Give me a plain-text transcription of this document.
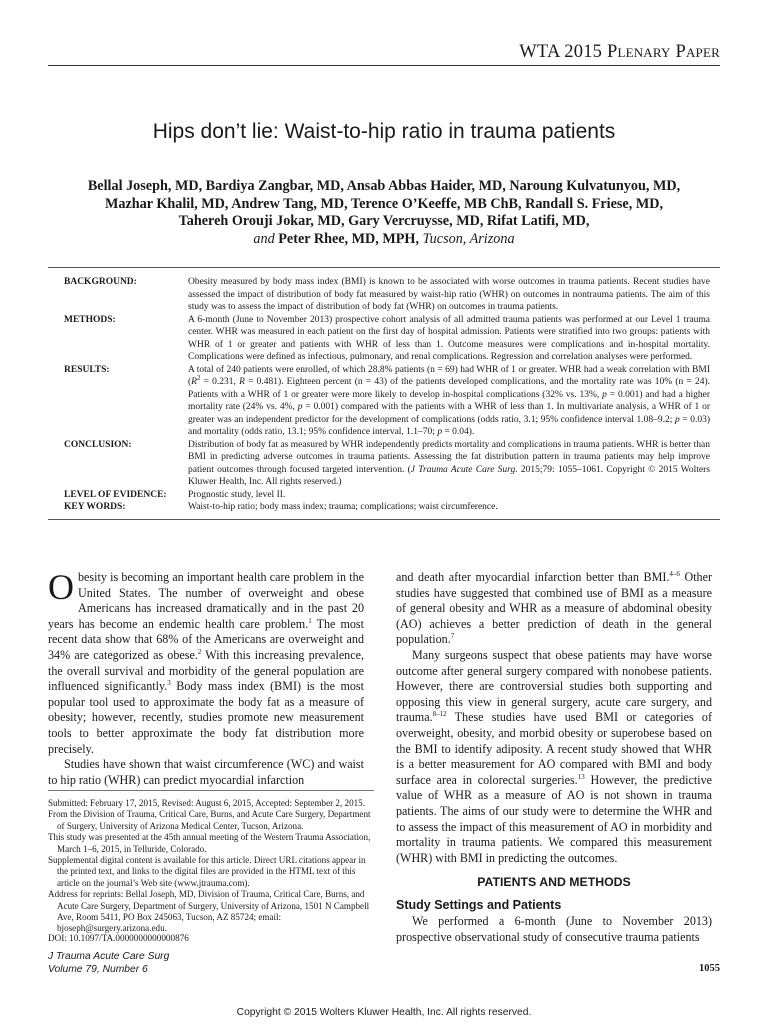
WTA 2015 Plenary Paper
Hips don’t lie: Waist-to-hip ratio in trauma patients
Bellal Joseph, MD, Bardiya Zangbar, MD, Ansab Abbas Haider, MD, Naroung Kulvatunyou, MD,
Mazhar Khalil, MD, Andrew Tang, MD, Terence O’Keeffe, MB ChB, Randall S. Friese, MD,
Tahereh Orouji Jokar, MD, Gary Vercruysse, MD, Rifat Latifi, MD,
and Peter Rhee, MD, MPH, Tucson, Arizona
BACKGROUND:	Obesity measured by body mass index (BMI) is known to be associated with worse outcomes in trauma patients. Recent studies have assessed the impact of distribution of body fat measured by waist-hip ratio (WHR) on outcomes in nontrauma patients. The aim of this study was to assess the impact of distribution of body fat (WHR) on outcomes in trauma patients.
METHODS:	A 6-month (June to November 2013) prospective cohort analysis of all admitted trauma patients was performed at our Level 1 trauma center. WHR was measured in each patient on the first day of hospital admission. Patients were stratified into two groups: patients with WHR of 1 or greater and patients with WHR of less than 1. Outcome measures were complications and in-hospital mortality. Complications were defined as infectious, pulmonary, and renal complications. Regression and correlation analyses were performed.
RESULTS:	A total of 240 patients were enrolled, of which 28.8% patients (n = 69) had WHR of 1 or greater. WHR had a weak correlation with BMI ($R^2 = 0.231$, R = 0.481). Eighteen percent (n = 43) of the patients developed complications, and the mortality rate was 10% (n = 24). Patients with a WHR of 1 or greater were more likely to develop in-hospital complications (32% vs. 13%, p = 0.001) and had a higher mortality rate (24% vs. 4%, p = 0.001) compared with the patients with a WHR of less than 1. In multivariate analysis, a WHR of 1 or greater was an independent predictor for the development of complications (odds ratio, 3.1; 95% confidence interval 1.08–9.2; p = 0.03) and mortality (odds ratio, 13.1; 95% confidence interval, 1.1–70; p = 0.04).
CONCLUSION:	Distribution of body fat as measured by WHR independently predicts mortality and complications in trauma patients. WHR is better than BMI in predicting adverse outcomes in trauma patients. Assessing the fat distribution pattern in trauma patients may help improve patient outcomes through focused targeted intervention. (J Trauma Acute Care Surg. 2015;79: 1055–1061. Copyright © 2015 Wolters Kluwer Health, Inc. All rights reserved.)
LEVEL OF EVIDENCE:	Prognostic study, level II.
KEY WORDS:	Waist-to-hip ratio; body mass index; trauma; complications; waist circumference.

Obesity is becoming an important health care problem in the United States. The number of overweight and obese Americans has increased dramatically and in the past 20 years has become an endemic health care problem.$^1$ The most recent data show that 68% of the Americans are overweight and 34% are categorized as obese.$^2$ With this increasing prevalence, the overall survival and morbidity of the general population are influenced significantly.$^3$ Body mass index (BMI) is the most popular tool used to approximate the body fat as a measure of obesity; however, recently, studies promote new measurement tools to better approximate the body fat distribution more precisely.

Studies have shown that waist circumference (WC) and waist to hip ratio (WHR) can predict myocardial infarction

Submitted: February 17, 2015, Revised: August 6, 2015, Accepted: September 2, 2015.
From the Division of Trauma, Critical Care, Burns, and Acute Care Surgery, Department of Surgery, University of Arizona Medical Center, Tucson, Arizona.
This study was presented at the 45th annual meeting of the Western Trauma Association, March 1–6, 2015, in Telluride, Colorado.
Supplemental digital content is available for this article. Direct URL citations appear in the printed text, and links to the digital files are provided in the HTML text of this article on the journal’s Web site (www.jtrauma.com).
Address for reprints: Bellal Joseph, MD, Division of Trauma, Critical Care, Burns, and Acute Care Surgery, Department of Surgery, University of Arizona, 1501 N Campbell Ave, Room 5411, PO Box 245063, Tucson, AZ 85724; email: bjoseph@surgery.arizona.edu.
DOI: 10.1097/TA.0000000000000876

and death after myocardial infarction better than BMI.$^{4-6}$ Other studies have suggested that combined use of BMI as a measure of general obesity and WHR as a measure of abdominal obesity (AO) achieves a better prediction of death in the general population.$^7$

Many surgeons suspect that obese patients may have worse outcome after general surgery compared with nonobese patients. However, there are controversial studies both supporting and opposing this view in general surgery, acute care surgery, and trauma.$^{8-12}$ These studies have used BMI or categories of overweight, obesity, and morbid obesity or superobese based on the BMI to identify adiposity. A recent study showed that WHR is a better measurement for AO compared with BMI and body surface area in colorectal surgeries.$^{13}$ However, the predictive value of WHR as a measure of AO is not shown in trauma patients. The aims of our study were to determine the WHR and to assess the impact of this measurement of AO in morbidity and mortality in trauma patients. We compared this measurement (WHR) with BMI in predicting the outcomes.

PATIENTS AND METHODS
Study Settings and Patients

We performed a 6-month (June to November 2013) prospective observational study of consecutive trauma patients

J Trauma Acute Care Surg
Volume 79, Number 6	1055
Copyright © 2015 Wolters Kluwer Health, Inc. All rights reserved.
